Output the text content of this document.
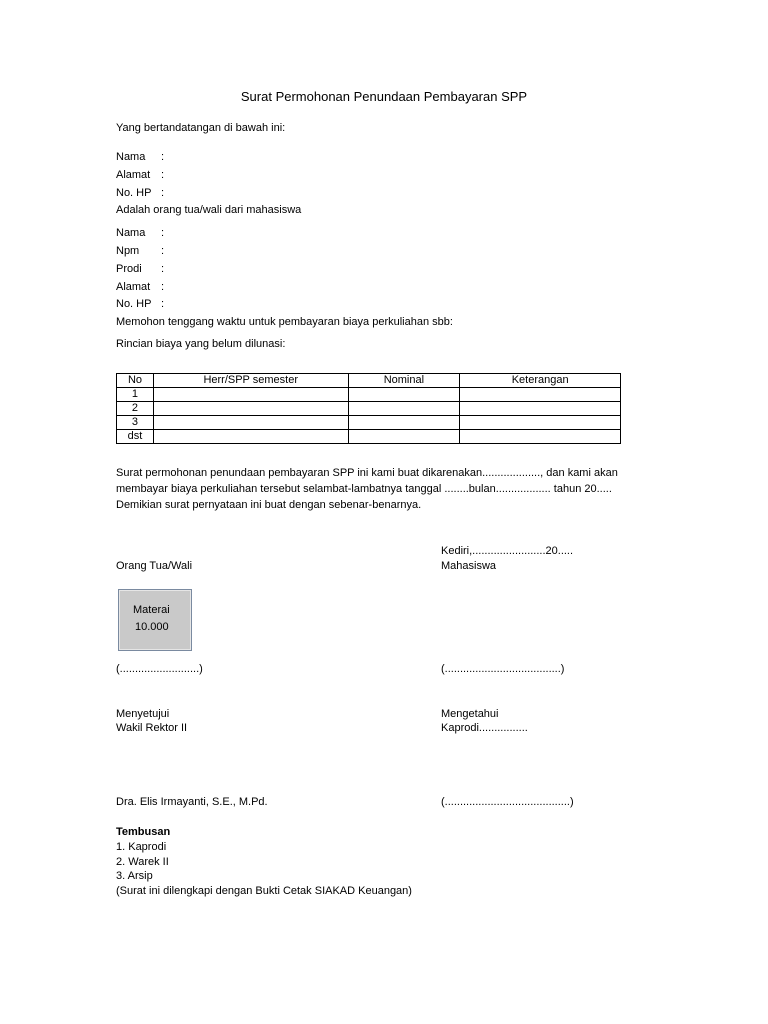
Surat Permohonan Penundaan Pembayaran SPP
Yang bertandatangan di bawah ini:
Nama :
Alamat :
No. HP :
Adalah orang tua/wali dari mahasiswa
Nama :
Npm :
Prodi :
Alamat :
No. HP :
Memohon tenggang waktu untuk pembayaran biaya perkuliahan sbb:
Rincian biaya yang belum dilunasi:
No	Herr/SPP semester	Nominal	Keterangan
1			
2			
3			
dst			
Surat permohonan penundaan pembayaran SPP ini kami buat dikarenakan..................., dan kami akan
membayar biaya perkuliahan tersebut selambat-lambatnya tanggal ........bulan.................. tahun 20.....
Demikian surat pernyataan ini buat dengan sebenar-benarnya.
Kediri,........................20.....
Orang Tua/Wali	Mahasiswa
Materai
10.000
(..........................)	(......................................)
Menyetujui
Wakil Rektor II
Mengetahui
Kaprodi................
Dra. Elis Irmayanti, S.E., M.Pd.	(.........................................)
Tembusan
1. Kaprodi
2. Warek II
3. Arsip
(Surat ini dilengkapi dengan Bukti Cetak SIAKAD Keuangan)
